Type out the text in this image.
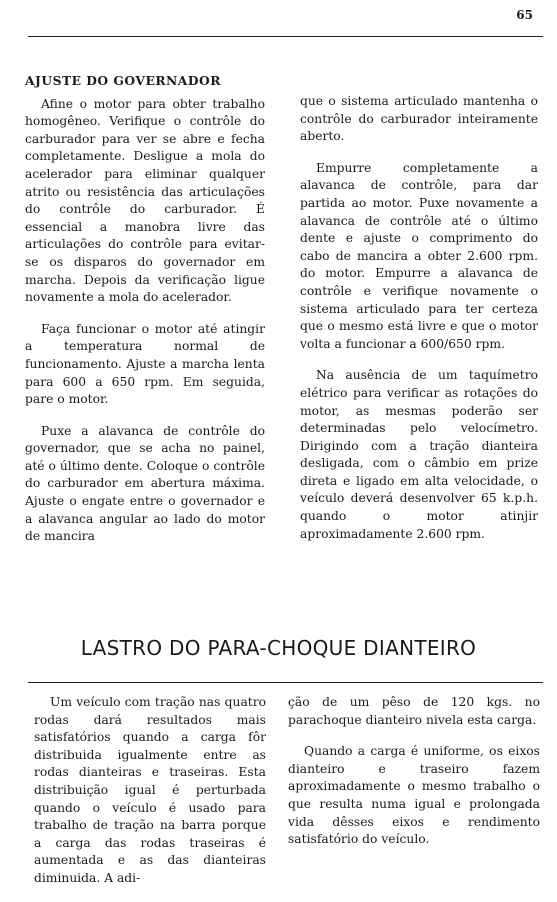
65
AJUSTE DO GOVERNADOR

Afine o motor para obter trabalho homogêneo. Verifique o contrôle do carburador para ver se abre e fecha completamente. Desligue a mola do acelerador para eliminar qualquer atrito ou resistência das articulações do contrôle do carburador. É essencial a manobra livre das articulações do contrôle para evitar-se os disparos do governador em marcha. Depois da verificação ligue novamente a mola do acelerador.

Faça funcionar o motor até atingir a temperatura normal de funcionamento. Ajuste a marcha lenta para 600 a 650 rpm. Em seguida, pare o motor.

Puxe a alavanca de contrôle do governador, que se acha no painel, até o último dente. Coloque o contrôle do carburador em abertura máxima. Ajuste o engate entre o governador e a alavanca angular ao lado do motor de mancira

que o sistema articulado mantenha o contrôle do carburador inteiramente aberto.

Empurre completamente a alavanca de contrôle, para dar partida ao motor. Puxe novamente a alavanca de contrôle até o último dente e ajuste o comprimento do cabo de mancira a obter 2.600 rpm. do motor. Empurre a alavanca de contrôle e verifique novamente o sistema articulado para ter certeza que o mesmo está livre e que o motor volta a funcionar a 600/650 rpm.

Na ausência de um taquímetro elétrico para verificar as rotações do motor, as mesmas poderão ser determinadas pelo velocímetro. Dirigindo com a tração dianteira desligada, com o câmbio em prize direta e ligado em alta velocidade, o veículo deverá desenvolver 65 k.p.h. quando o motor atinjir aproximadamente 2.600 rpm.

LASTRO DO PARA-CHOQUE DIANTEIRO

Um veículo com tração nas quatro rodas dará resultados mais satisfatórios quando a carga fôr distribuida igualmente entre as rodas dianteiras e traseiras. Esta distribuição igual é perturbada quando o veículo é usado para trabalho de tração na barra porque a carga das rodas traseiras é aumentada e as das dianteiras diminuida. A adi-

ção de um pêso de 120 kgs. no parachoque dianteiro nivela esta carga.

Quando a carga é uniforme, os eixos dianteiro e traseiro fazem aproximadamente o mesmo trabalho o que resulta numa igual e prolongada vida dêsses eixos e rendimento satisfatório do veículo.
